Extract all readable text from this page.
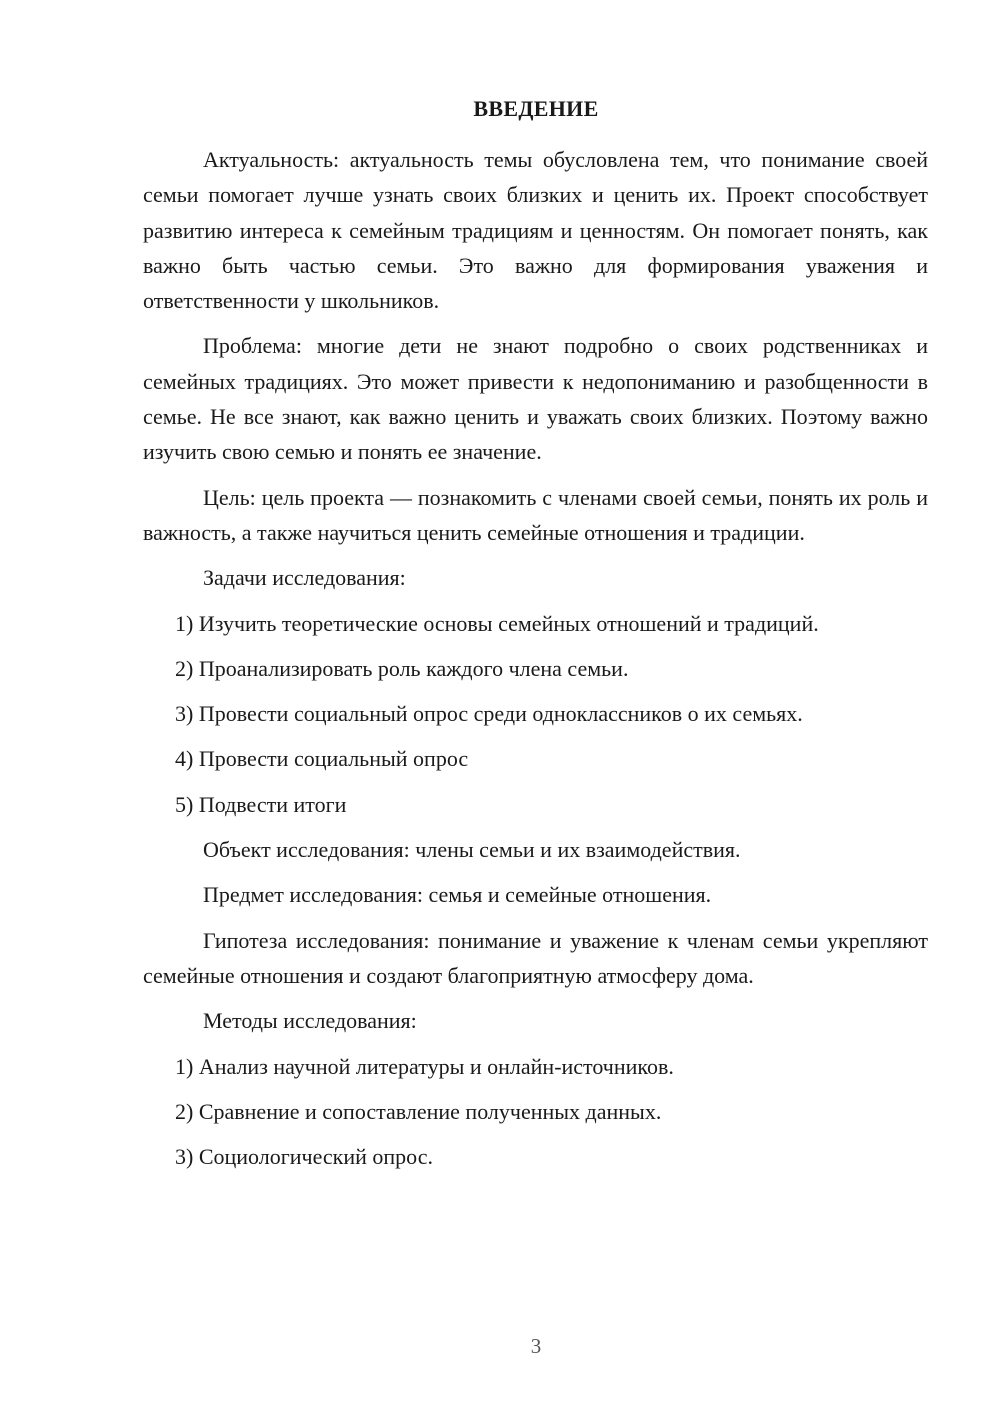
ВВЕДЕНИЕ

Актуальность: актуальность темы обусловлена тем, что понимание своей семьи помогает лучше узнать своих близких и ценить их. Проект способствует развитию интереса к семейным традициям и ценностям. Он помогает понять, как важно быть частью семьи. Это важно для формирования уважения и ответственности у школьников.

Проблема: многие дети не знают подробно о своих родственниках и семейных традициях. Это может привести к недопониманию и разобщенности в семье. Не все знают, как важно ценить и уважать своих близких. Поэтому важно изучить свою семью и понять ее значение.

Цель: цель проекта — познакомить с членами своей семьи, понять их роль и важность, а также научиться ценить семейные отношения и традиции.

Задачи исследования:
1) Изучить теоретические основы семейных отношений и традиций.
2) Проанализировать роль каждого члена семьи.
3) Провести социальный опрос среди одноклассников о их семьях.
4) Провести социальный опрос
5) Подвести итоги
Объект исследования: члены семьи и их взаимодействия.
Предмет исследования: семья и семейные отношения.

Гипотеза исследования: понимание и уважение к членам семьи укрепляют семейные отношения и создают благоприятную атмосферу дома.

Методы исследования:
1) Анализ научной литературы и онлайн-источников.
2) Сравнение и сопоставление полученных данных.
3) Социологический опрос.
3
